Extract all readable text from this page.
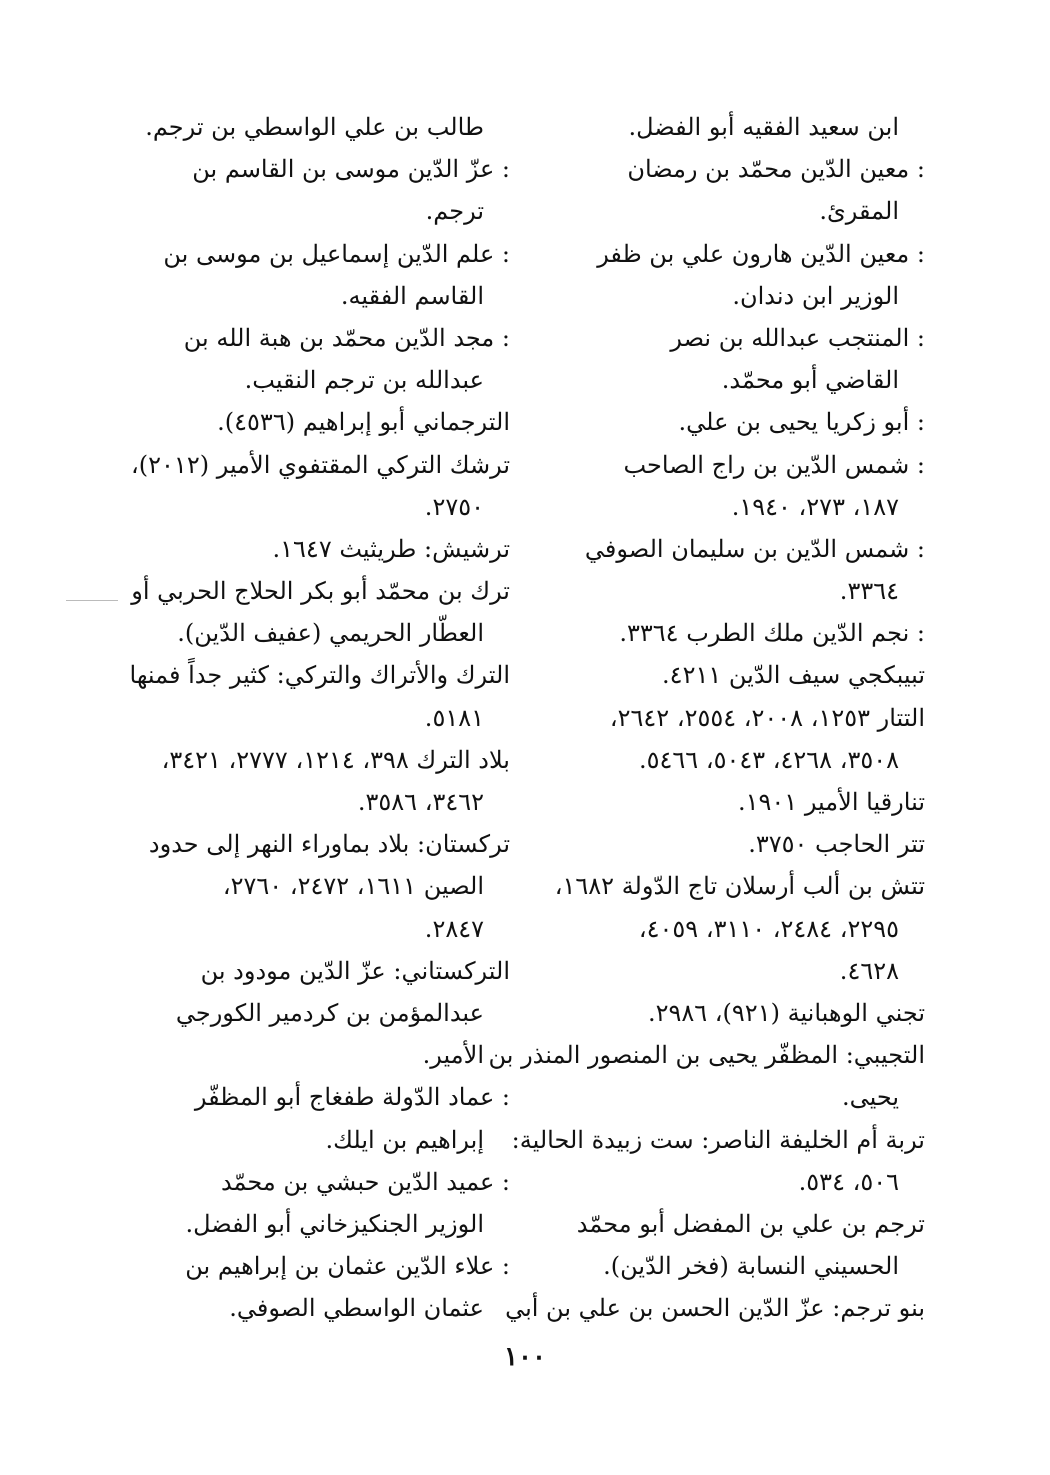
ابن سعيد الفقيه أبو الفضل.
: معين الدّين محمّد بن رمضان
المقرئ.
: معين الدّين هارون علي بن ظفر
الوزير ابن دندان.
: المنتجب عبدالله بن نصر
القاضي أبو محمّد.
: أبو زكريا يحيى بن علي.
: شمس الدّين بن راج الصاحب
١٨٧، ٢٧٣، ١٩٤٠.
: شمس الدّين بن سليمان الصوفي
٣٣٦٤.
: نجم الدّين ملك الطرب ٣٣٦٤.
تبيبكجي سيف الدّين ٤٢١١.
التتار ١٢٥٣، ٢٠٠٨، ٢٥٥٤، ٢٦٤٢،
٣٥٠٨، ٤٢٦٨، ٥٠٤٣، ٥٤٦٦.
تنارقيا الأمير ١٩٠١.
تتر الحاجب ٣٧٥٠.
تتش بن ألب أرسلان تاج الدّولة ١٦٨٢،
٢٢٩٥، ٢٤٨٤، ٣١١٠، ٤٠٥٩،
٤٦٢٨.
تجني الوهبانية (٩٢١)، ٢٩٨٦.
التجيبي: المظفّر يحيى بن المنصور المنذر بن
يحيى.
تربة أم الخليفة الناصر: ست زبيدة الحالية:
٥٠٦، ٥٣٤.
ترجم بن علي بن المفضل أبو محمّد
الحسيني النسابة (فخر الدّين).
بنو ترجم: عزّ الدّين الحسن بن علي بن أبي
طالب بن علي الواسطي بن ترجم.
: عزّ الدّين موسى بن القاسم بن
ترجم.
: علم الدّين إسماعيل بن موسى بن
القاسم الفقيه.
: مجد الدّين محمّد بن هبة الله بن
عبدالله بن ترجم النقيب.
الترجماني أبو إبراهيم (٤٥٣٦).
ترشك التركي المقتفوي الأمير (٢٠١٢)،
٢٧٥٠.
ترشيش: طريثيث ١٦٤٧.
ترك بن محمّد أبو بكر الحلاج الحربي أو
العطّار الحريمي (عفيف الدّين).
الترك والأتراك والتركي: كثير جداً فمنها
٥١٨١.
بلاد الترك ٣٩٨، ١٢١٤، ٢٧٧٧، ٣٤٢١،
٣٤٦٢، ٣٥٨٦.
تركستان: بلاد بماوراء النهر إلى حدود
الصين ١٦١١، ٢٤٧٢، ٢٧٦٠،
٢٨٤٧.
التركستاني: عزّ الدّين مودود بن
عبدالمؤمن بن كردمير الكورجي
الأمير.
: عماد الدّولة طفغاج أبو المظفّر
إبراهيم بن ايلك.
: عميد الدّين حبشي بن محمّد
الوزير الجنكيزخاني أبو الفضل.
: علاء الدّين عثمان بن إبراهيم بن
عثمان الواسطي الصوفي.
١٠٠
